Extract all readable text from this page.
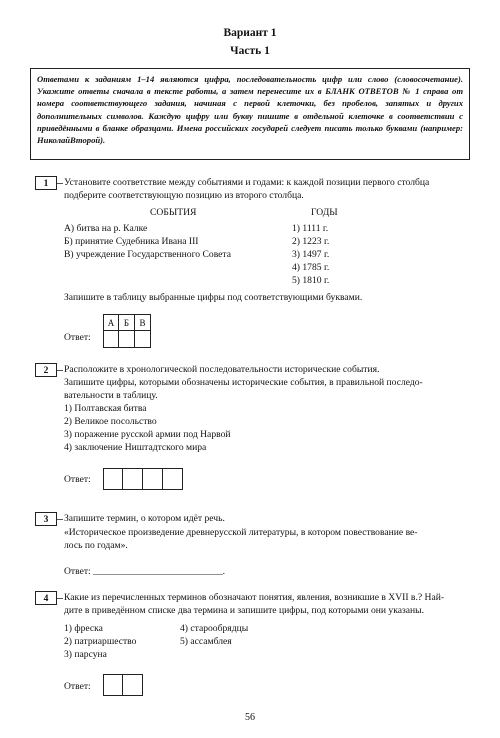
Вариант 1
Часть 1
Ответами к заданиям 1–14 являются цифра, последовательность цифр или слово (словосочетание). Укажите ответы сначала в тексте работы, а затем перенесите их в БЛАНК ОТВЕТОВ № 1 справа от номера соответствующего задания, начиная с первой клеточки, без пробелов, запятых и других дополнительных символов. Каждую цифру или букву пишите в отдельной клеточке в соответствии с приведёнными в бланке образцами. Имена российских государей следует писать только буквами (например: НиколайВторой).
1	Установите соответствие между событиями и годами: к каждой позиции первого столбца
подберите соответствующую позицию из второго столбца.
СОБЫТИЯ	ГОДЫ
А) битва на р. Калке
Б) принятие Судебника Ивана III
В) учреждение Государственного Совета
1) 1111 г.
2) 1223 г.
3) 1497 г.
4) 1785 г.
5) 1810 г.
Запишите в таблицу выбранные цифры под соответствующими буквами.
Ответ:
А	Б	В
2	Расположите в хронологической последовательности исторические события.
Запишите цифры, которыми обозначены исторические события, в правильной последо-
вательности в таблицу.
1) Полтавская битва
2) Великое посольство
3) поражение русской армии под Нарвой
4) заключение Ништадтского мира
Ответ:
3	Запишите термин, о котором идёт речь.
«Историческое произведение древнерусской литературы, в котором повествование ве-
лось по годам».
Ответ: ___________________________.
4	Какие из перечисленных терминов обозначают понятия, явления, возникшие в XVII в.? Най-
дите в приведённом списке два термина и запишите цифры, под которыми они указаны.
1) фреска
2) патриаршество
3) парсуна
4) старообрядцы
5) ассамблея
Ответ:
56
